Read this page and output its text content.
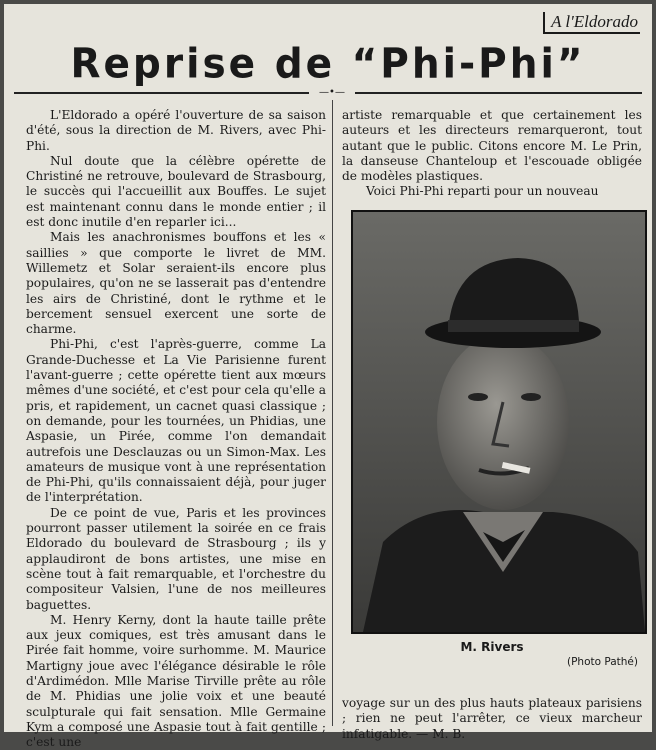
A l'Eldorado
Reprise de “Phi-Phi”
—•—

L'Eldorado a opéré l'ouverture de sa saison d'été, sous la direction de M. Rivers, avec Phi-Phi.

Nul doute que la célèbre opérette de Christiné ne retrouve, boulevard de Strasbourg, le succès qui l'accueillit aux Bouffes. Le sujet est maintenant connu dans le monde entier ; il est donc inutile d'en reparler ici...

Mais les anachronismes bouffons et les « saillies » que comporte le livret de MM. Willemetz et Solar seraient-ils encore plus populaires, qu'on ne se lasserait pas d'entendre les airs de Christiné, dont le rythme et le bercement sensuel exercent une sorte de charme.

Phi-Phi, c'est l'après-guerre, comme La Grande-Duchesse et La Vie Parisienne furent l'avant-guerre ; cette opérette tient aux mœurs mêmes d'une société, et c'est pour cela qu'elle a pris, et rapidement, un cacnet quasi classique ; on demande, pour les tournées, un Phidias, une Aspasie, un Pirée, comme l'on demandait autrefois une Desclauzas ou un Simon-Max. Les amateurs de musique vont à une représentation de Phi-Phi, qu'ils connaissaient déjà, pour juger de l'interprétation.

De ce point de vue, Paris et les provinces pourront passer utilement la soirée en ce frais Eldorado du boulevard de Strasbourg ; ils y applaudiront de bons artistes, une mise en scène tout à fait remarquable, et l'orchestre du compositeur Valsien, l'une de nos meilleures baguettes.

M. Henry Kerny, dont la haute taille prête aux jeux comiques, est très amusant dans le Pirée fait homme, voire surhomme. M. Maurice Martigny joue avec l'élégance désirable le rôle d'Ardimédon. Mlle Marise Tirville prête au rôle de M. Phidias une jolie voix et une beauté sculpturale qui fait sensation. Mlle Germaine Kym a composé une Aspasie tout à fait gentille ; c'est une

artiste remarquable et que certainement les auteurs et les directeurs remarqueront, tout autant que le public. Citons encore M. Le Prin, la danseuse Chanteloup et l'escouade obligée de modèles plastiques.

Voici Phi-Phi reparti pour un nouveau

M. Rivers
(Photo Pathé)

voyage sur un des plus hauts plateaux parisiens ; rien ne peut l'arrêter, ce vieux marcheur infatigable. — M. B.
